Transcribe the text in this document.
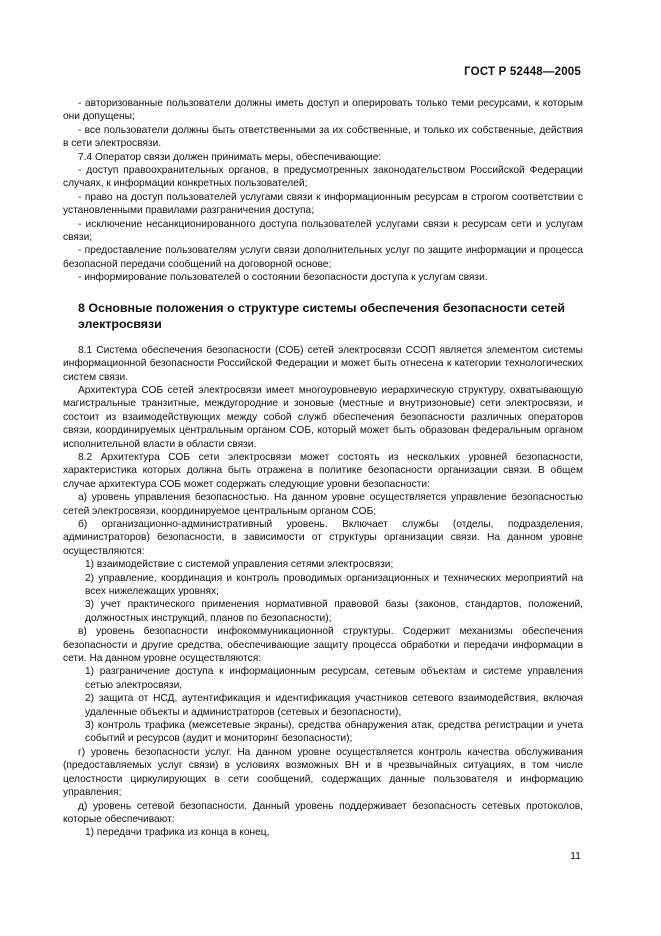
ГОСТ Р 52448—2005

- авторизованные пользователи должны иметь доступ и оперировать только теми ресурсами, к которым они допущены;

- все пользователи должны быть ответственными за их собственные, и только их собственные, действия в сети электросвязи.

7.4 Оператор связи должен принимать меры, обеспечивающие:

- доступ правоохранительных органов, в предусмотренных законодательством Российской Федерации случаях, к информации конкретных пользователей;

- право на доступ пользователей услугами связи к информационным ресурсам в строгом соответствии с установленными правилами разграничения доступа;

- исключение несанкционированного доступа пользователей услугами связи к ресурсам сети и услугам связи;

- предоставление пользователям услуги связи дополнительных услуг по защите информации и процесса безопасной передачи сообщений на договорной основе;

- информирование пользователей о состоянии безопасности доступа к услугам связи.

8 Основные положения о структуре системы обеспечения безопасности сетей электросвязи

8.1 Система обеспечения безопасности (СОБ) сетей электросвязи ССОП является элементом системы информационной безопасности Российской Федерации и может быть отнесена к категории технологических систем связи.

Архитектура СОБ сетей электросвязи имеет многоуровневую иерархическую структуру, охватывающую магистральные транзитные, междугородние и зоновые (местные и внутризоновые) сети электросвязи, и состоит из взаимодействующих между собой служб обеспечения безопасности различных операторов связи, координируемых центральным органом СОБ, который может быть образован федеральным органом исполнительной власти в области связи.

8.2 Архитектура СОБ сети электросвязи может состоять из нескольких уровней безопасности, характеристика которых должна быть отражена в политике безопасности организации связи. В общем случае архитектура СОБ может содержать следующие уровни безопасности:

а) уровень управления безопасностью. На данном уровне осуществляется управление безопасностью сетей электросвязи, координируемое центральным органом СОБ;

б) организационно-административный уровень. Включает службы (отделы, подразделения, администраторов) безопасности, в зависимости от структуры организации связи. На данном уровне осуществляются:

1) взаимодействие с системой управления сетями электросвязи;

2) управление, координация и контроль проводимых организационных и технических мероприятий на всех нижележащих уровнях;

3) учет практического применения нормативной правовой базы (законов, стандартов, положений, должностных инструкций, планов по безопасности);

в) уровень безопасности инфокоммуникационной структуры. Содержит механизмы обеспечения безопасности и другие средства, обеспечивающие защиту процесса обработки и передачи информации в сети. На данном уровне осуществляются:

1) разграничение доступа к информационным ресурсам, сетевым объектам и системе управления сетью электросвязи,

2) защита от НСД, аутентификация и идентификация участников сетевого взаимодействия, включая удаленные объекты и администраторов (сетевых и безопасности),

3) контроль трафика (межсетевые экраны), средства обнаружения атак, средства регистрации и учета событий и ресурсов (аудит и мониторинг безопасности);

г) уровень безопасности услуг. На данном уровне осуществляется контроль качества обслуживания (предоставляемых услуг связи) в условиях возможных ВН и в чрезвычайных ситуациях, в том числе целостности циркулирующих в сети сообщений, содержащих данные пользователя и информацию управления;

д) уровень сетевой безопасности. Данный уровень поддерживает безопасность сетевых протоколов, которые обеспечивают:

1) передачи трафика из конца в конец,

11
